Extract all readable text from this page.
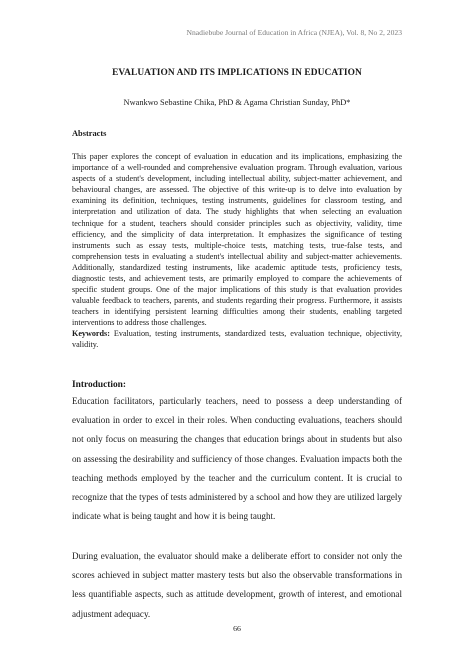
Nnadiebube Journal of Education in Africa (NJEA), Vol. 8, No 2, 2023
EVALUATION AND ITS IMPLICATIONS IN EDUCATION
Nwankwo Sebastine Chika, PhD & Agama Christian Sunday, PhD*
Abstracts

This paper explores the concept of evaluation in education and its implications, emphasizing the importance of a well-rounded and comprehensive evaluation program. Through evaluation, various aspects of a student's development, including intellectual ability, subject-matter achievement, and behavioural changes, are assessed. The objective of this write-up is to delve into evaluation by examining its definition, techniques, testing instruments, guidelines for classroom testing, and interpretation and utilization of data. The study highlights that when selecting an evaluation technique for a student, teachers should consider principles such as objectivity, validity, time efficiency, and the simplicity of data interpretation. It emphasizes the significance of testing instruments such as essay tests, multiple-choice tests, matching tests, true-false tests, and comprehension tests in evaluating a student's intellectual ability and subject-matter achievements. Additionally, standardized testing instruments, like academic aptitude tests, proficiency tests, diagnostic tests, and achievement tests, are primarily employed to compare the achievements of specific student groups. One of the major implications of this study is that evaluation provides valuable feedback to teachers, parents, and students regarding their progress. Furthermore, it assists teachers in identifying persistent learning difficulties among their students, enabling targeted interventions to address those challenges.

Keywords: Evaluation, testing instruments, standardized tests, evaluation technique, objectivity, validity.

Introduction:

Education facilitators, particularly teachers, need to possess a deep understanding of evaluation in order to excel in their roles. When conducting evaluations, teachers should not only focus on measuring the changes that education brings about in students but also on assessing the desirability and sufficiency of those changes. Evaluation impacts both the teaching methods employed by the teacher and the curriculum content. It is crucial to recognize that the types of tests administered by a school and how they are utilized largely indicate what is being taught and how it is being taught.

During evaluation, the evaluator should make a deliberate effort to consider not only the scores achieved in subject matter mastery tests but also the observable transformations in less quantifiable aspects, such as attitude development, growth of interest, and emotional adjustment adequacy.

66
